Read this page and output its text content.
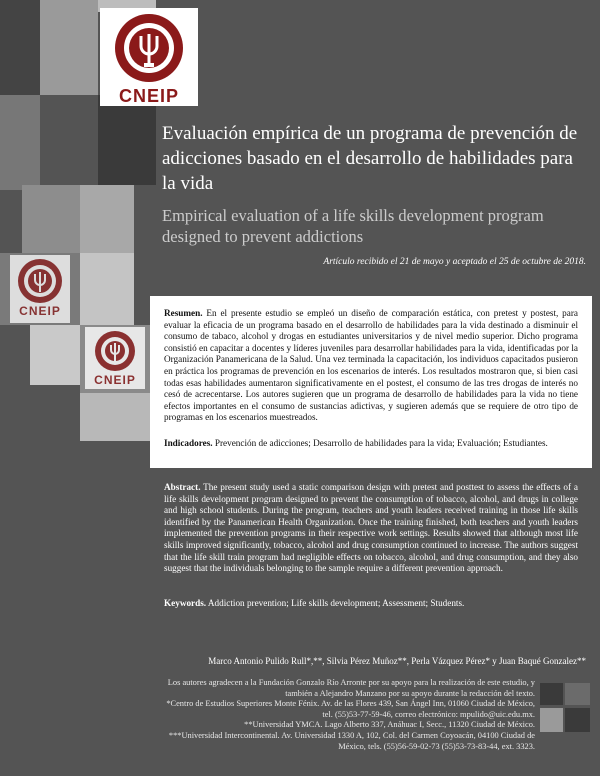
CNEIP
CNEIP
CNEIP
Evaluación empírica de un programa de prevención de adicciones basado en el desarrollo de habilidades para la vida
Empirical evaluation of a life skills development program designed to prevent addictions
Artículo recibido el 21 de mayo y aceptado el 25 de octubre de 2018.
Resumen. En el presente estudio se empleó un diseño de comparación estática, con pretest y postest, para evaluar la eficacia de un programa basado en el desarrollo de habilidades para la vida destinado a disminuir el consumo de tabaco, alcohol y drogas en estudiantes universitarios y de nivel medio superior. Dicho programa consistió en capacitar a docentes y líderes juveniles para desarrollar habilidades para la vida, identificadas por la Organización Panamericana de la Salud. Una vez terminada la capacitación, los individuos capacitados pusieron en práctica los programas de prevención en los escenarios de interés. Los resultados mostraron que, si bien casi todas esas habilidades aumentaron significativamente en el postest, el consumo de las tres drogas de interés no cesó de acrecentarse. Los autores sugieren que un programa de desarrollo de habilidades para la vida no tiene efectos importantes en el consumo de sustancias adictivas, y sugieren además que se requiere de otro tipo de programas en los escenarios muestreados.
Indicadores. Prevención de adicciones; Desarrollo de habilidades para la vida; Evaluación; Estudiantes.
Abstract. The present study used a static comparison design with pretest and posttest to assess the effects of a life skills development program designed to prevent the consumption of tobacco, alcohol, and drugs in college and high school students. During the program, teachers and youth leaders received training in those life skills identified by the Panamerican Health Organization. Once the training finished, both teachers and youth leaders implemented the prevention programs in their respective work settings. Results showed that although most life skills improved significantly, tobacco, alcohol and drug consumption continued to increase. The authors suggest that the life skill train program had negligible effects on tobacco, alcohol, and drug consumption, and they also suggest that the individuals belonging to the sample require a different prevention approach.
Keywords. Addiction prevention; Life skills development; Assessment; Students.
Marco Antonio Pulido Rull*,**, Silvia Pérez Muñoz**, Perla Vázquez Pérez* y Juan Baqué Gonzalez**
Los autores agradecen a la Fundación Gonzalo Río Arronte por su apoyo para la realización de este estudio, y también a Alejandro Manzano por su apoyo durante la redacción del texto.
*Centro de Estudios Superiores Monte Fénix. Av. de las Flores 439, San Ángel Inn, 01060 Ciudad de México, tel. (55)53-77-59-46, correo electrónico: mpulido@uic.edu.mx.
**Universidad YMCA. Lago Alberto 337, Anáhuac I, Secc., 11320 Ciudad de México.
***Universidad Intercontinental. Av. Universidad 1330 A, 102, Col. del Carmen Coyoacán, 04100 Ciudad de México, tels. (55)56-59-02-73 (55)53-73-83-44, ext. 3323.
